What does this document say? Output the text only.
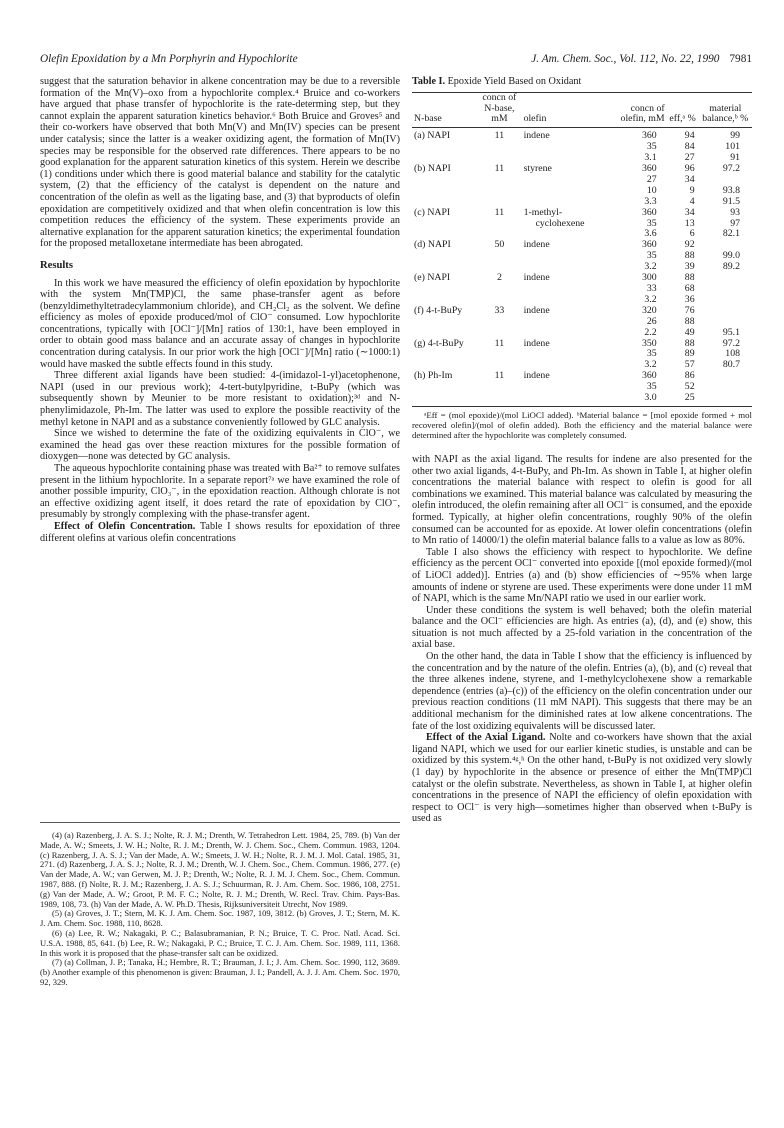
Olefin Epoxidation by a Mn Porphyrin and Hypochlorite	J. Am. Chem. Soc., Vol. 112, No. 22, 1990 7981

suggest that the saturation behavior in alkene concentration may be due to a reversible formation of the Mn(V)–oxo from a hypochlorite complex.⁴ Bruice and co-workers have argued that phase transfer of hypochlorite is the rate-determing step, but they cannot explain the apparent saturation kinetics behavior.⁶ Both Bruice and Groves⁵ and their co-workers have observed that both Mn(V) and Mn(IV) species can be present under catalysis; since the latter is a weaker oxidizing agent, the formation of Mn(IV) species may be responsible for the observed rate differences. There appears to be no good explanation for the apparent saturation kinetics of this system. Herein we describe (1) conditions under which there is good material balance and stability for the catalytic system, (2) that the efficiency of the catalyst is dependent on the nature and concentration of the olefin as well as the ligating base, and (3) that byproducts of olefin epoxidation are competitively oxidized and that when olefin concentration is low this competition reduces the efficiency of the system. These experiments provide an alternative explanation for the apparent saturation kinetics; the experimental foundation for the proposed metalloxetane intermediate has been abrogated.

Results

In this work we have measured the efficiency of olefin epoxidation by hypochlorite with the system Mn(TMP)Cl, the same phase-transfer agent as before (benzyldimethyltetradecylammonium chloride), and CH₂Cl₂ as the solvent. We define efficiency as moles of epoxide produced/mol of ClO⁻ consumed. Low hypochlorite concentrations, typically with [OCl⁻]/[Mn] ratios of 130:1, have been employed in order to obtain good mass balance and an accurate assay of changes in hypochlorite concentration during catalysis. In our prior work the high [OCl⁻]/[Mn] ratio (∼1000:1) would have masked the subtle effects found in this study.

Three different axial ligands have been studied: 4-(imidazol-1-yl)acetophenone, NAPI (used in our previous work); 4-tert-butylpyridine, t-BuPy (which was subsequently shown by Meunier to be more resistant to oxidation);³ᵈ and N-phenylimidazole, Ph-Im. The latter was used to explore the possible reactivity of the methyl ketone in NAPI and as a substance conveniently followed by GLC analysis.

Since we wished to determine the fate of the oxidizing equivalents in ClO⁻, we examined the head gas over these reaction mixtures for the possible formation of dioxygen—none was detected by GC analysis.

The aqueous hypochlorite containing phase was treated with Ba²⁺ to remove sulfates present in the lithium hypochlorite. In a separate report⁷ᵃ we have examined the role of another possible impurity, ClO₃⁻, in the epoxidation reaction. Although chlorate is not an effective oxidizing agent itself, it does retard the rate of epoxidation by ClO⁻, presumably by strongly complexing with the phase-transfer agent.

Effect of Olefin Concentration. Table I shows results for epoxidation of three different olefins at various olefin concentrations

(4) (a) Razenberg, J. A. S. J.; Nolte, R. J. M.; Drenth, W. Tetrahedron Lett. 1984, 25, 789. (b) Van der Made, A. W.; Smeets, J. W. H.; Nolte, R. J. M.; Drenth, W. J. Chem. Soc., Chem. Commun. 1983, 1204. (c) Razenberg, J. A. S. J.; Van der Made, A. W.; Smeets, J. W. H.; Nolte, R. J. M. J. Mol. Catal. 1985, 31, 271. (d) Razenberg, J. A. S. J.; Nolte, R. J. M.; Drenth, W. J. Chem. Soc., Chem. Commun. 1986, 277. (e) Van der Made, A. W.; van Gerwen, M. J. P.; Drenth, W.; Nolte, R. J. M. J. Chem. Soc., Chem. Commun. 1987, 888. (f) Nolte, R. J. M.; Razenberg, J. A. S. J.; Schuurman, R. J. Am. Chem. Soc. 1986, 108, 2751. (g) Van der Made, A. W.; Groot, P. M. F. C.; Nolte, R. J. M.; Drenth, W. Recl. Trav. Chim. Pays-Bas. 1989, 108, 73. (h) Van der Made, A. W. Ph.D. Thesis, Rijksuniversiteit Utrecht, Nov 1989.

(5) (a) Groves, J. T.; Stern, M. K. J. Am. Chem. Soc. 1987, 109, 3812. (b) Groves, J. T.; Stern, M. K. J. Am. Chem. Soc. 1988, 110, 8628.

(6) (a) Lee, R. W.; Nakagaki, P. C.; Balasubramanian, P. N.; Bruice, T. C. Proc. Natl. Acad. Sci. U.S.A. 1988, 85, 641. (b) Lee, R. W.; Nakagaki, P. C.; Bruice, T. C. J. Am. Chem. Soc. 1989, 111, 1368. In this work it is proposed that the phase-transfer salt can be oxidized.

(7) (a) Collman, J. P.; Tanaka, H.; Hembre, R. T.; Brauman, J. I.; J. Am. Chem. Soc. 1990, 112, 3689. (b) Another example of this phenomenon is given: Brauman, J. I.; Pandell, A. J. J. Am. Chem. Soc. 1970, 92, 329.

Table I. Epoxide Yield Based on Oxidant
N-base	concn of N-base, mM	olefin	concn of olefin, mM	eff,ᵃ %	material balance,ᵇ %
(a) NAPI	11	indene	360	94	99
			35	84	101
			3.1	27	91
(b) NAPI	11	styrene	360	96	97.2
			27	34	
			10	9	93.8
			3.3	4	91.5
(c) NAPI	11	1-methyl-	360	34	93
		cyclohexene	35	13	97
			3.6	6	82.1
(d) NAPI	50	indene	360	92	
			35	88	99.0
			3.2	39	89.2
(e) NAPI	2	indene	300	88	
			33	68	
			3.2	36	
(f) 4-t-BuPy	33	indene	320	76	
			26	88	
			2.2	49	95.1
(g) 4-t-BuPy	11	indene	350	88	97.2
			35	89	108
			3.2	57	80.7
(h) Ph-Im	11	indene	360	86	
			35	52	
			3.0	25	

ᵃEff = (mol epoxide)/(mol LiOCl added). ᵇMaterial balance = [mol epoxide formed + mol recovered olefin]/(mol of olefin added). Both the efficiency and the material balance were determined after the hypochlorite was completely consumed.

with NAPI as the axial ligand. The results for indene are also presented for the other two axial ligands, 4-t-BuPy, and Ph-Im. As shown in Table I, at higher olefin concentrations the material balance with respect to olefin is good for all combinations we examined. This material balance was calculated by measuring the olefin introduced, the olefin remaining after all OCl⁻ is consumed, and the epoxide formed. Typically, at higher olefin concentrations, roughly 90% of the olefin consumed can be accounted for as epoxide. At lower olefin concentrations (olefin to Mn ratio of 14000/1) the olefin material balance falls to a value as low as 80%.

Table I also shows the efficiency with respect to hypochlorite. We define efficiency as the percent OCl⁻ converted into epoxide [(mol epoxide formed)/(mol of LiOCl added)]. Entries (a) and (b) show efficiencies of ∼95% when large amounts of indene or styrene are used. These experiments were done under 11 mM of NAPI, which is the same Mn/NAPI ratio we used in our earlier work.

Under these conditions the system is well behaved; both the olefin material balance and the OCl⁻ efficiencies are high. As entries (a), (d), and (e) show, this situation is not much affected by a 25-fold variation in the concentration of the axial base.

On the other hand, the data in Table I show that the efficiency is influenced by the concentration and by the nature of the olefin. Entries (a), (b), and (c) reveal that the three alkenes indene, styrene, and 1-methylcyclohexene show a remarkable dependence (entries (a)–(c)) of the efficiency on the olefin concentration under our previous reaction conditions (11 mM NAPI). This suggests that there may be an additional mechanism for the diminished rates at low alkene concentrations. The fate of the lost oxidizing equivalents will be discussed later.

Effect of the Axial Ligand. Nolte and co-workers have shown that the axial ligand NAPI, which we used for our earlier kinetic studies, is unstable and can be oxidized by this system.⁴ᵍ,ʰ On the other hand, t-BuPy is not oxidized very slowly (1 day) by hypochlorite in the absence or presence of either the Mn(TMP)Cl catalyst or the olefin substrate. Nevertheless, as shown in Table I, at higher olefin concentrations in the presence of NAPI the efficiency of olefin epoxidation with respect to OCl⁻ is very high—sometimes higher than observed when t-BuPy is used as
